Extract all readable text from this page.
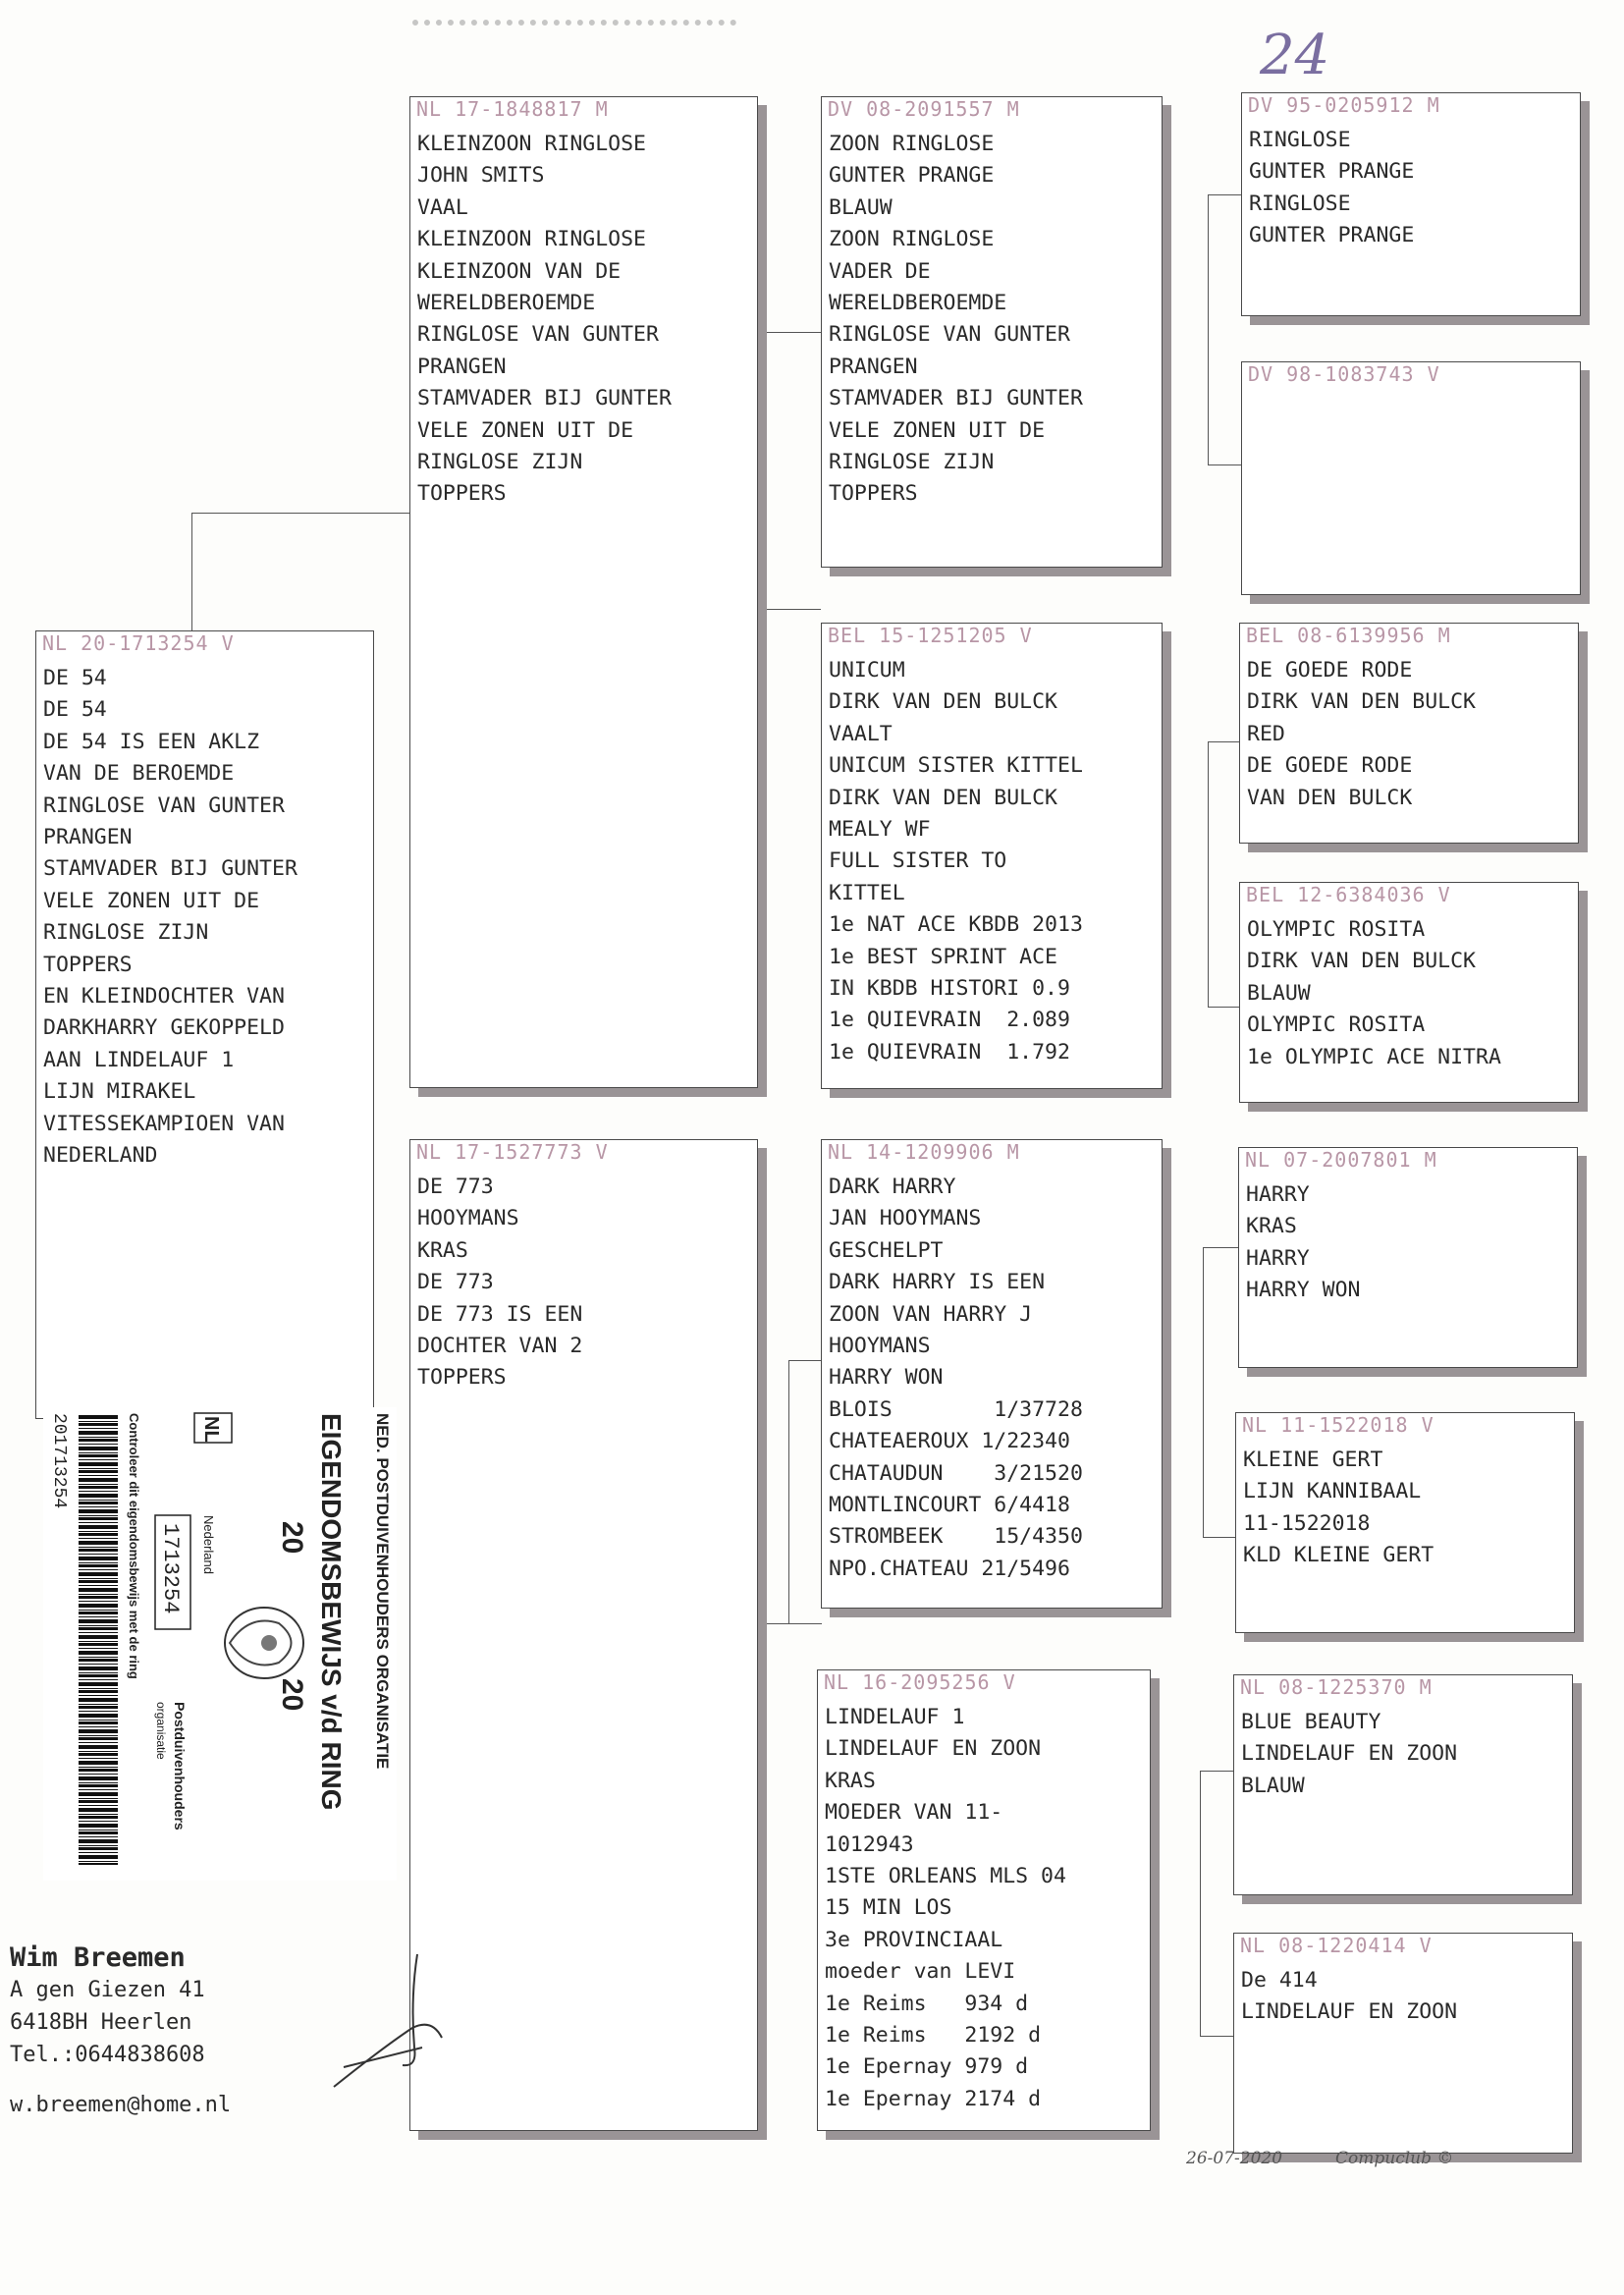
24
NL 20-1713254 V
DE 54
DE 54
DE 54 IS EEN AKLZ
VAN DE BEROEMDE
RINGLOSE VAN GUNTER
PRANGEN
STAMVADER BIJ GUNTER
VELE ZONEN UIT DE
RINGLOSE ZIJN
TOPPERS
EN KLEINDOCHTER VAN
DARKHARRY GEKOPPELD
AAN LINDELAUF 1
LIJN MIRAKEL
VITESSEKAMPIOEN VAN
NEDERLAND
NL 17-1848817 M
KLEINZOON RINGLOSE
JOHN SMITS
VAAL
KLEINZOON RINGLOSE
KLEINZOON VAN DE
WERELDBEROEMDE
RINGLOSE VAN GUNTER
PRANGEN
STAMVADER BIJ GUNTER
VELE ZONEN UIT DE
RINGLOSE ZIJN
TOPPERS
NL 17-1527773 V
DE 773
HOOYMANS
KRAS
DE 773
DE 773 IS EEN
DOCHTER VAN 2
TOPPERS
DV 08-2091557 M
ZOON RINGLOSE
GUNTER PRANGE
BLAUW
ZOON RINGLOSE
VADER DE
WERELDBEROEMDE
RINGLOSE VAN GUNTER
PRANGEN
STAMVADER BIJ GUNTER
VELE ZONEN UIT DE
RINGLOSE ZIJN
TOPPERS
BEL 15-1251205 V
UNICUM
DIRK VAN DEN BULCK
VAALT
UNICUM SISTER KITTEL
DIRK VAN DEN BULCK
MEALY WF
FULL SISTER TO
KITTEL
1e NAT ACE KBDB 2013
1e BEST SPRINT ACE
IN KBDB HISTORI 0.9
1e QUIEVRAIN  2.089
1e QUIEVRAIN  1.792
NL 14-1209906 M
DARK HARRY
JAN HOOYMANS
GESCHELPT
DARK HARRY IS EEN
ZOON VAN HARRY J
HOOYMANS
HARRY WON
BLOIS        1/37728
CHATEAEROUX 1/22340
CHATAUDUN    3/21520
MONTLINCOURT 6/4418
STROMBEEK    15/4350
NPO.CHATEAU 21/5496
NL 16-2095256 V
LINDELAUF 1
LINDELAUF EN ZOON
KRAS
MOEDER VAN 11-
1012943
1STE ORLEANS MLS 04
15 MIN LOS
3e PROVINCIAAL
moeder van LEVI
1e Reims   934 d
1e Reims   2192 d
1e Epernay 979 d
1e Epernay 2174 d
DV 95-0205912 M
RINGLOSE
GUNTER PRANGE
RINGLOSE
GUNTER PRANGE
DV 98-1083743 V
BEL 08-6139956 M
DE GOEDE RODE
DIRK VAN DEN BULCK
RED
DE GOEDE RODE
VAN DEN BULCK
BEL 12-6384036 V
OLYMPIC ROSITA
DIRK VAN DEN BULCK
BLAUW
OLYMPIC ROSITA
1e OLYMPIC ACE NITRA
NL 07-2007801 M
HARRY
KRAS
HARRY
HARRY WON
NL 11-1522018 V
KLEINE GERT
LIJN KANNIBAAL
11-1522018
KLD KLEINE GERT
NL 08-1225370 M
BLUE BEAUTY
LINDELAUF EN ZOON
BLAUW
NL 08-1220414 V
De 414
LINDELAUF EN ZOON
NED. POSTDUIVENHOUDERS ORGANISATIE
EIGENDOMSBEWIJS v/d RING
20
20
NL
1713254 Nederland
Postduivenhouders
organisatie
Controleer dit eigendomsbewijs met de ring
201713254
Wim Breemen
A gen Giezen 41
6418BH Heerlen
Tel.:0644838608
w.breemen@home.nl
26-07-2020	Compuclub ©
